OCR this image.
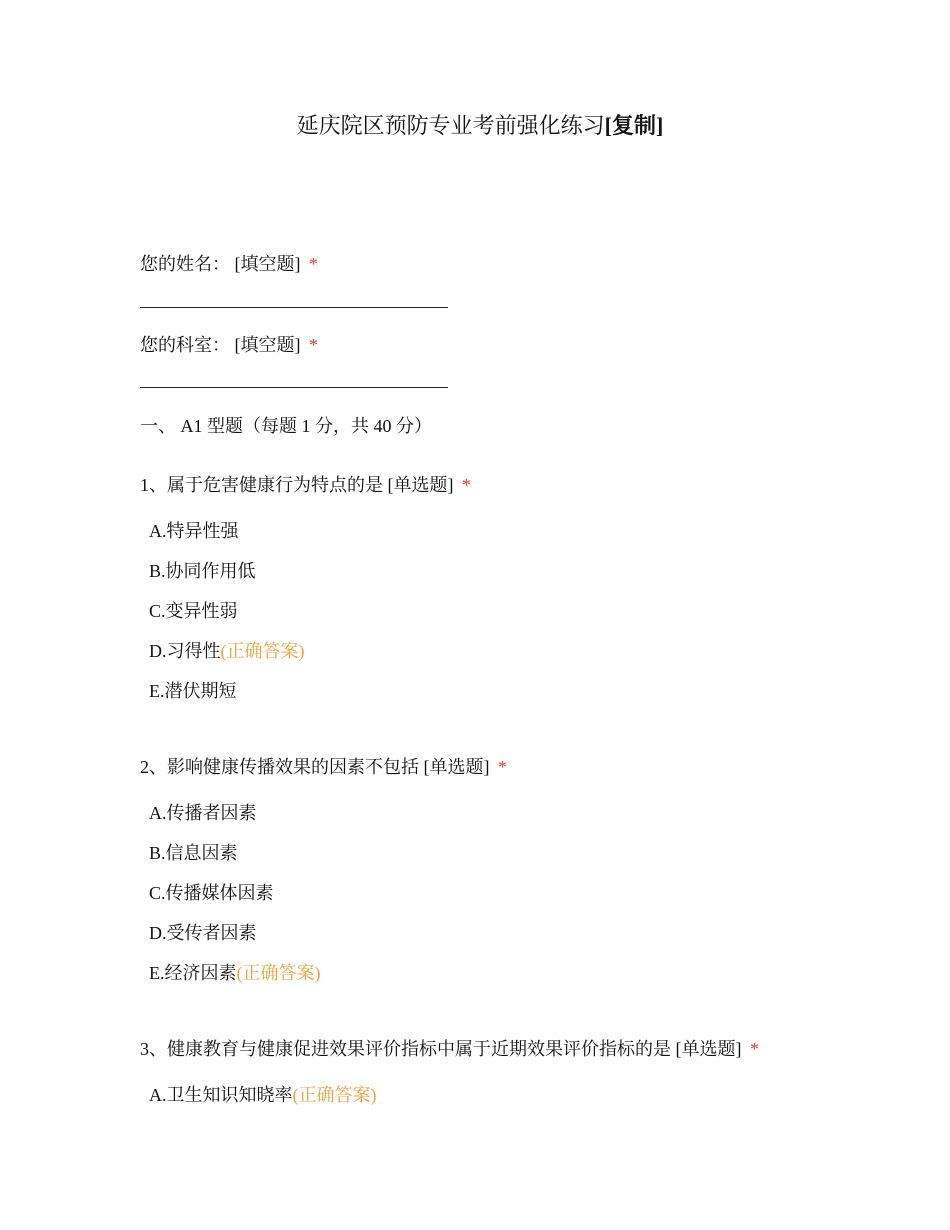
延庆院区预防专业考前强化练习[复制]
您的姓名： [填空题] *
您的科室： [填空题] *
一、 A1 型题（每题 1 分，共 40 分）
1、属于危害健康行为特点的是 [单选题] *
A.特异性强
B.协同作用低
C.变异性弱
D.习得性(正确答案)
E.潜伏期短
2、影响健康传播效果的因素不包括 [单选题] *
A.传播者因素
B.信息因素
C.传播媒体因素
D.受传者因素
E.经济因素(正确答案)
3、健康教育与健康促进效果评价指标中属于近期效果评价指标的是 [单选题] *
A.卫生知识知晓率(正确答案)
